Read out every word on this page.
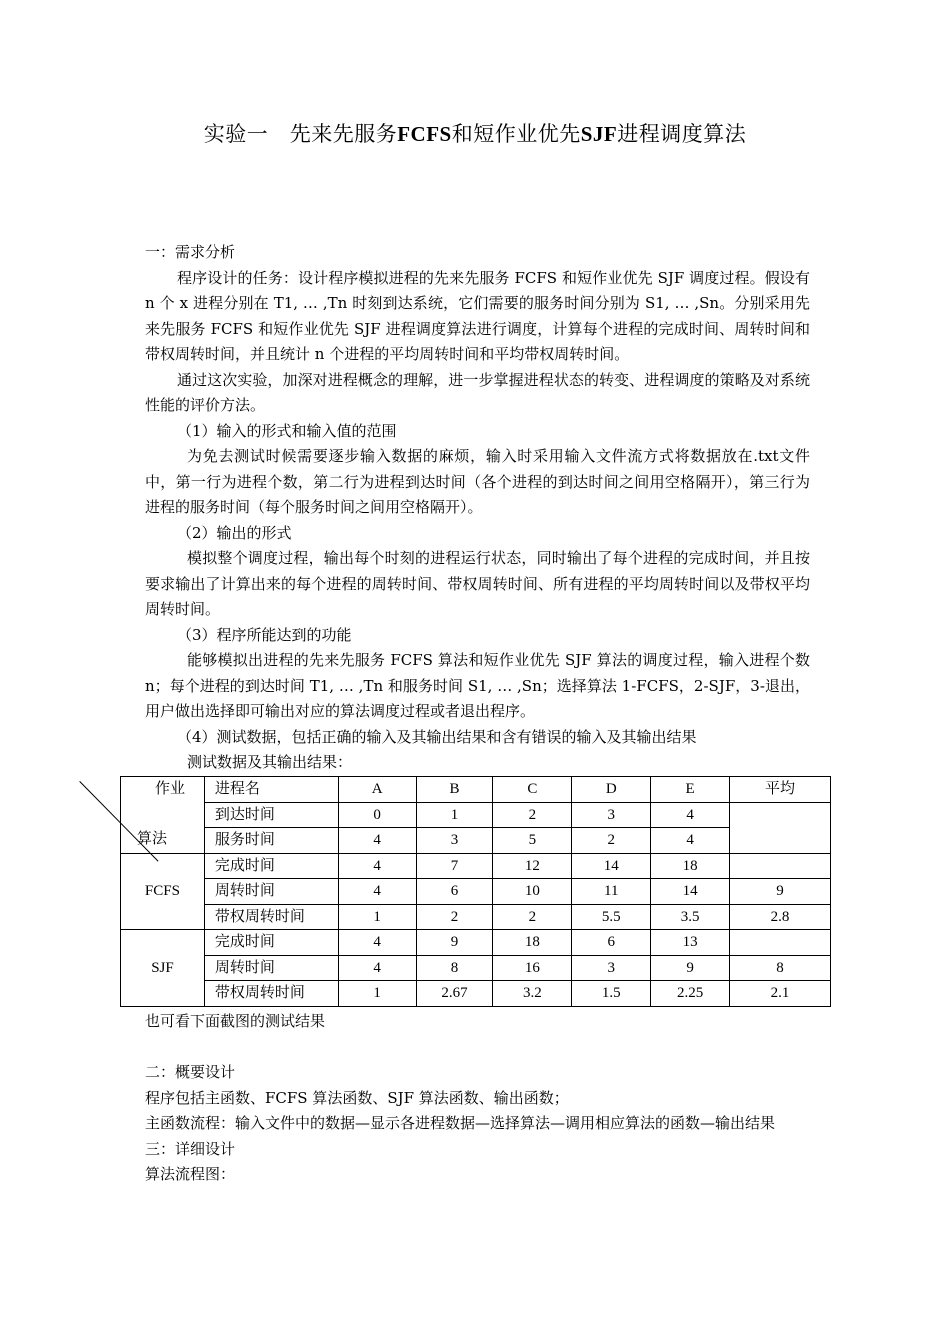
实验一　先来先服务FCFS和短作业优先SJF进程调度算法
一：需求分析
程序设计的任务：设计程序模拟进程的先来先服务 FCFS 和短作业优先 SJF 调度过程。假设有 n 个 x 进程分别在 T1, … ,Tn 时刻到达系统，它们需要的服务时间分别为 S1, … ,Sn。分别采用先来先服务 FCFS 和短作业优先 SJF 进程调度算法进行调度，计算每个进程的完成时间、周转时间和带权周转时间，并且统计 n 个进程的平均周转时间和平均带权周转时间。
通过这次实验，加深对进程概念的理解，进一步掌握进程状态的转变、进程调度的策略及对系统性能的评价方法。
（1）输入的形式和输入值的范围
为免去测试时候需要逐步输入数据的麻烦，输入时采用输入文件流方式将数据放在.txt文件中，第一行为进程个数，第二行为进程到达时间（各个进程的到达时间之间用空格隔开），第三行为进程的服务时间（每个服务时间之间用空格隔开）。
（2）输出的形式
模拟整个调度过程，输出每个时刻的进程运行状态，同时输出了每个进程的完成时间，并且按要求输出了计算出来的每个进程的周转时间、带权周转时间、所有进程的平均周转时间以及带权平均周转时间。
（3）程序所能达到的功能
能够模拟出进程的先来先服务 FCFS 算法和短作业优先 SJF 算法的调度过程，输入进程个数 n；每个进程的到达时间 T1, … ,Tn 和服务时间 S1, … ,Sn；选择算法 1-FCFS，2-SJF，3-退出，用户做出选择即可输出对应的算法调度过程或者退出程序。
（4）测试数据，包括正确的输入及其输出结果和含有错误的输入及其输出结果
测试数据及其输出结果：
作业
算法	进程名	A	B	C	D	E	平均
	到达时间	0	1	2	3	4	
	服务时间	4	3	5	2	4	
FCFS	完成时间	4	7	12	14	18	
	周转时间	4	6	10	11	14	9
	带权周转时间	1	2	2	5.5	3.5	2.8
SJF	完成时间	4	9	18	6	13	
	周转时间	4	8	16	3	9	8
	带权周转时间	1	2.67	3.2	1.5	2.25	2.1
也可看下面截图的测试结果
二：概要设计
程序包括主函数、FCFS 算法函数、SJF 算法函数、输出函数；
主函数流程：输入文件中的数据—显示各进程数据—选择算法—调用相应算法的函数—输出结果
三：详细设计
算法流程图：
